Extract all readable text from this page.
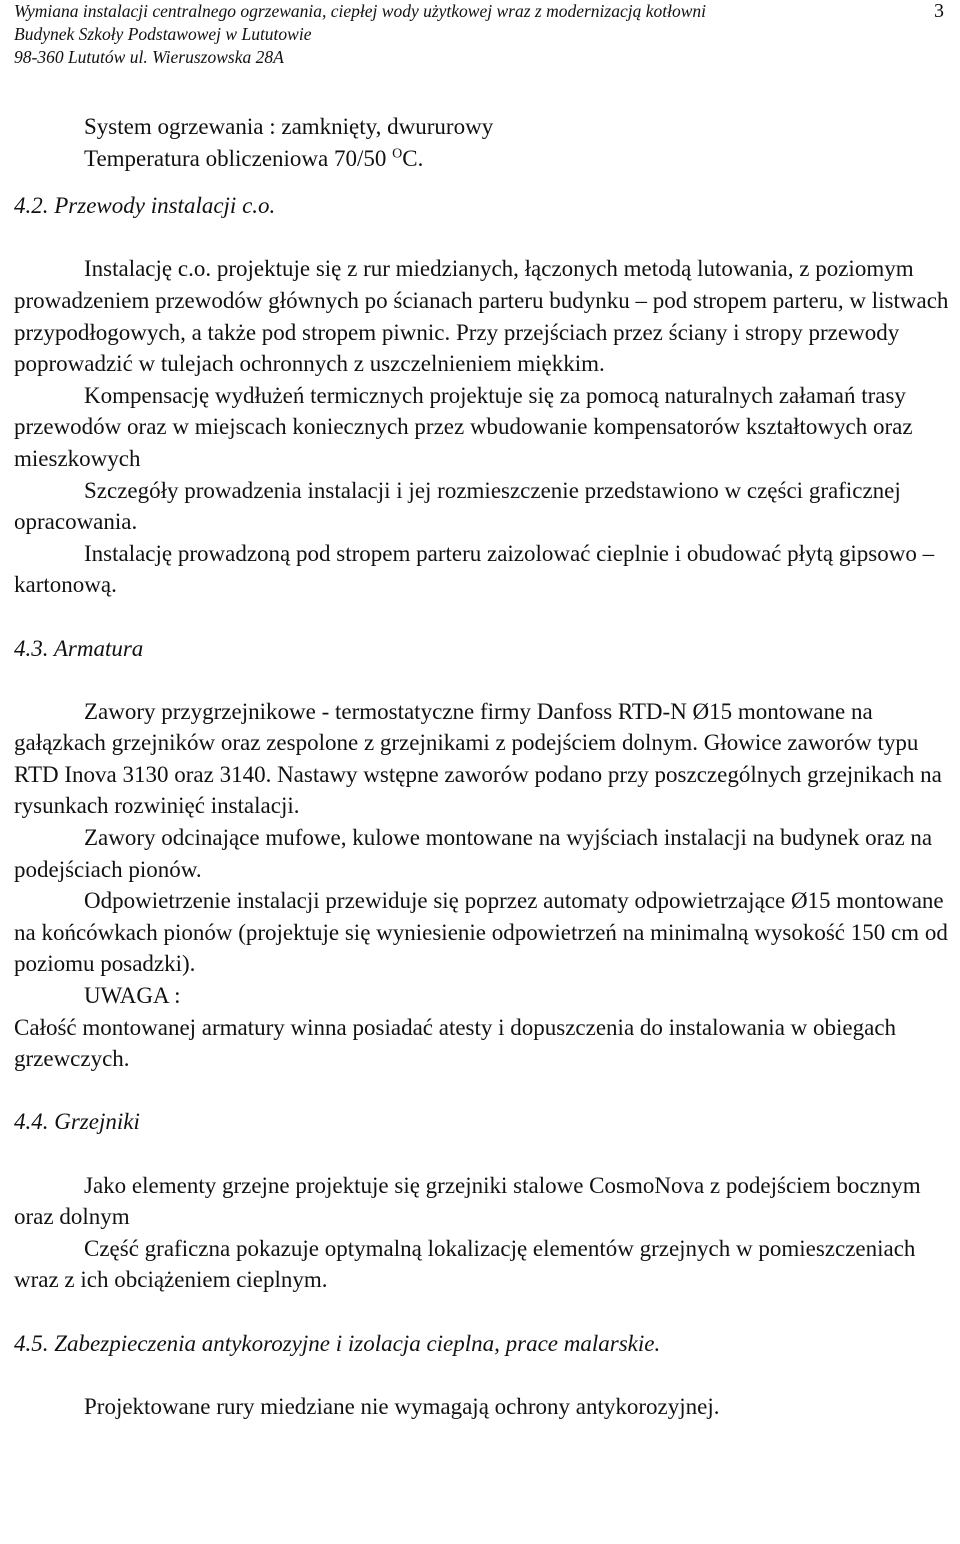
Wymiana instalacji centralnego ogrzewania, ciepłej wody użytkowej wraz z modernizacją kotłowni
Budynek Szkoły Podstawowej w Lututowie
98-360 Lututów ul. Wieruszowska 28A
3

System ogrzewania : zamknięty, dwururowy

Temperatura obliczeniowa 70/50 $^O$C.

4.2. Przewody instalacji c.o.

Instalację c.o. projektuje się z rur miedzianych, łączonych metodą lutowania, z poziomym prowadzeniem przewodów głównych po ścianach parteru budynku – pod stropem parteru, w listwach przypodłogowych, a także pod stropem piwnic. Przy przejściach przez ściany i stropy przewody poprowadzić w tulejach ochronnych z uszczelnieniem miękkim.

Kompensację wydłużeń termicznych projektuje się za pomocą naturalnych załamań trasy przewodów oraz w miejscach koniecznych przez wbudowanie kompensatorów kształtowych oraz mieszkowych

Szczegóły prowadzenia instalacji i jej rozmieszczenie przedstawiono w części graficznej opracowania.

Instalację prowadzoną pod stropem parteru zaizolować cieplnie i obudować płytą gipsowo – kartonową.

4.3. Armatura

Zawory przygrzejnikowe - termostatyczne firmy Danfoss RTD-N Ø15 montowane na gałązkach grzejników oraz zespolone z grzejnikami z podejściem dolnym. Głowice zaworów typu RTD Inova 3130 oraz 3140. Nastawy wstępne zaworów podano przy poszczególnych grzejnikach na rysunkach rozwinięć instalacji.

Zawory odcinające mufowe, kulowe montowane na wyjściach instalacji na budynek oraz na podejściach pionów.

Odpowietrzenie instalacji przewiduje się poprzez automaty odpowietrzające Ø15 montowane na końcówkach pionów (projektuje się wyniesienie odpowietrzeń na minimalną wysokość 150 cm od poziomu posadzki).

UWAGA :

Całość montowanej armatury winna posiadać atesty i dopuszczenia do instalowania w obiegach grzewczych.

4.4. Grzejniki

Jako elementy grzejne projektuje się grzejniki stalowe CosmoNova z podejściem bocznym oraz dolnym

Część graficzna pokazuje optymalną lokalizację elementów grzejnych w pomieszczeniach wraz z ich obciążeniem cieplnym.

4.5. Zabezpieczenia antykorozyjne i izolacja cieplna, prace malarskie.

Projektowane rury miedziane nie wymagają ochrony antykorozyjnej.
